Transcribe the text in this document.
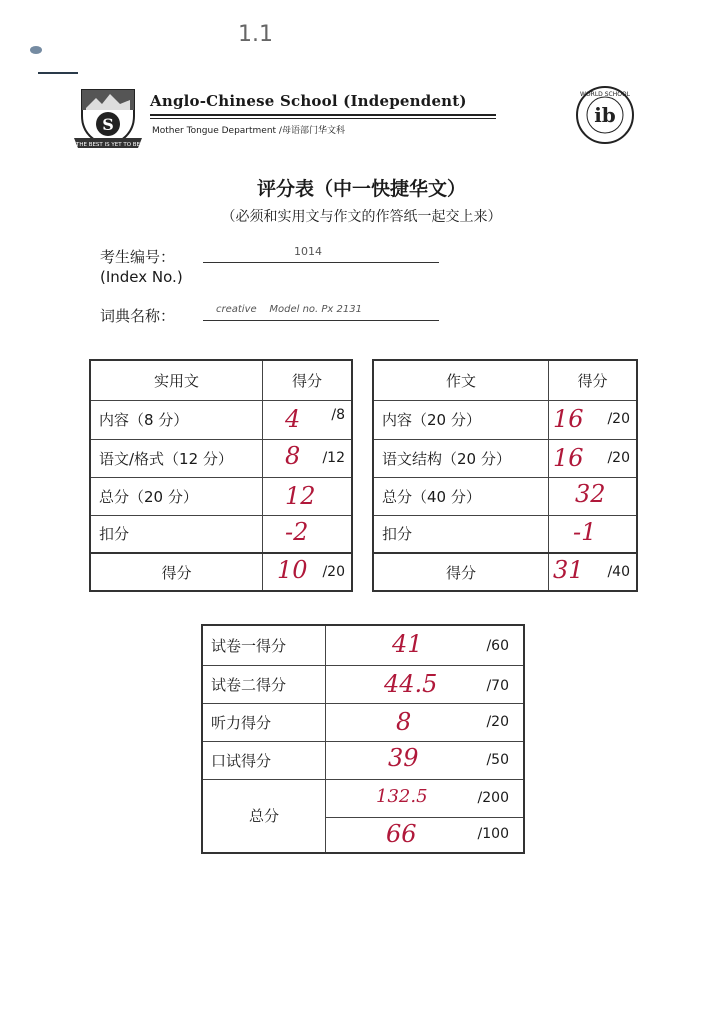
1.1
S
THE BEST IS YET TO BE
Anglo-Chinese School (Independent)
Mother Tongue Department /母语部门华文科
ib
WORLD SCHOOL
评分表（中一快捷华文）
（必须和实用文与作文的作答纸一起交上来）
考生编号：
(Index No.)
1014
词典名称：	creative    Model no. Px 2131
实用文	得分
内容（8 分）	4 /8

语文/格式（12 分）	8 /12

总分（20 分）	12

扣分	-2

得分	10 /20
作文	得分
内容（20 分）	16 /20

语文结构（20 分）	16 /20

总分（40 分）	32

扣分	-1

得分	31 /40
试卷一得分	41 /60

试卷二得分	44.5 /70

听力得分	8 /20

口试得分	39 /50

总分	132.5 /200

	66 /100
